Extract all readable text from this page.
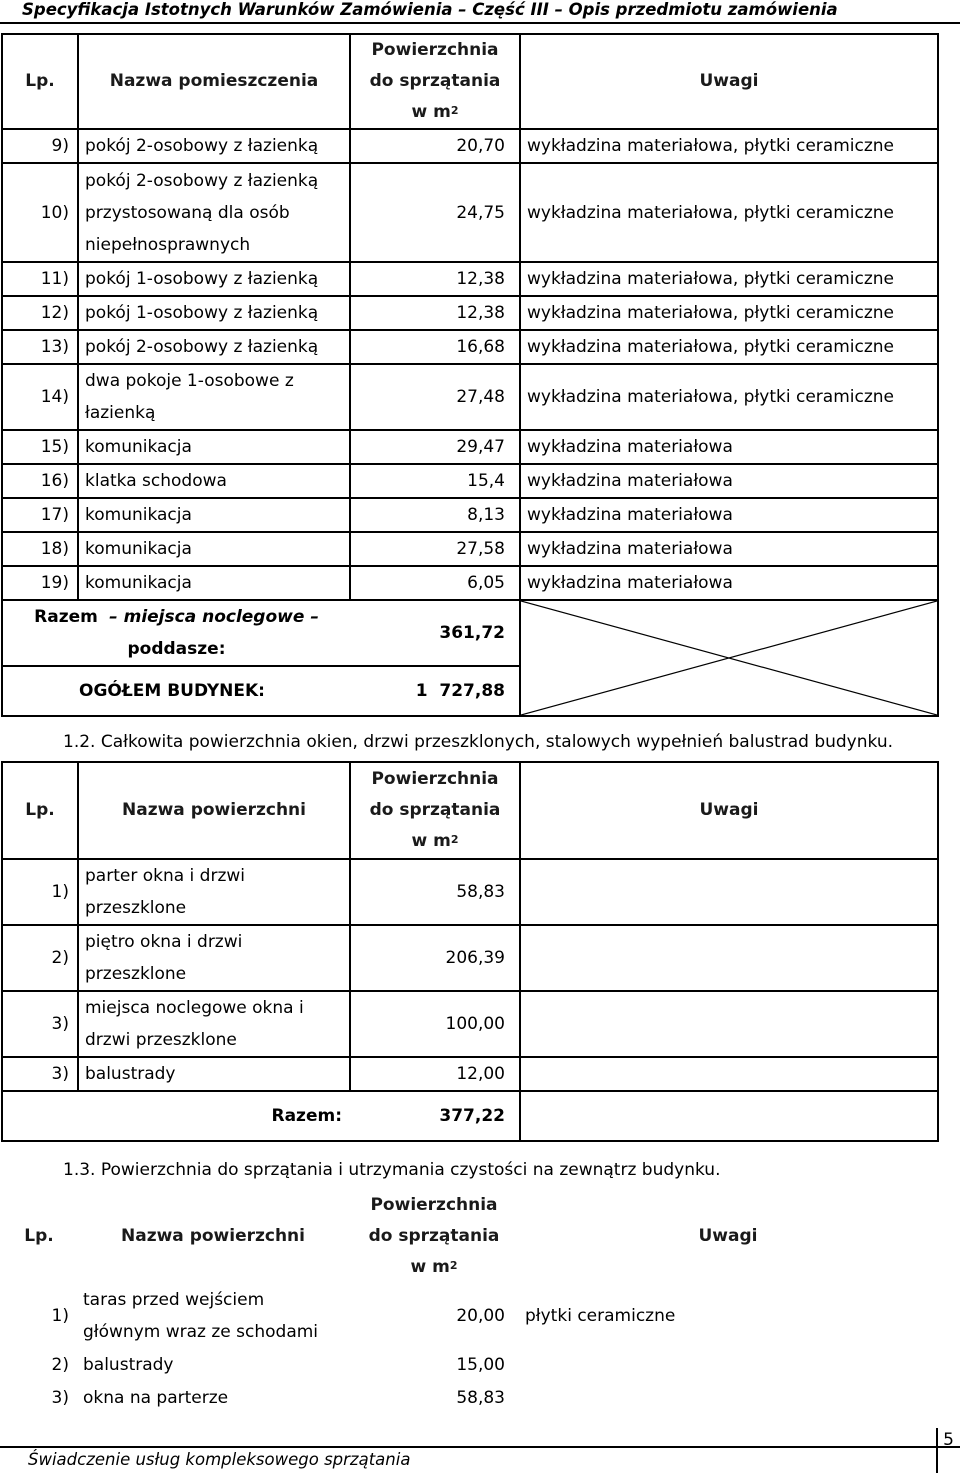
Specyfikacja Istotnych Warunków Zamówienia – Część III – Opis przedmiotu zamówienia
Lp.	Nazwa pomieszczenia	Powierzchnia
do sprzątania
w $m^2$	Uwagi
9)	pokój 2-osobowy z łazienką	20,70	wykładzina materiałowa, płytki ceramiczne
10)	pokój 2-osobowy z łazienką przystosowaną dla osób niepełnosprawnych	24,75	wykładzina materiałowa, płytki ceramiczne
11)	pokój 1-osobowy z łazienką	12,38	wykładzina materiałowa, płytki ceramiczne
12)	pokój 1-osobowy z łazienką	12,38	wykładzina materiałowa, płytki ceramiczne
13)	pokój 2-osobowy z łazienką	16,68	wykładzina materiałowa, płytki ceramiczne
14)	dwa pokoje 1-osobowe z łazienką	27,48	wykładzina materiałowa, płytki ceramiczne
15)	komunikacja	29,47	wykładzina materiałowa
16)	klatka schodowa	15,4	wykładzina materiałowa
17)	komunikacja	8,13	wykładzina materiałowa
18)	komunikacja	27,58	wykładzina materiałowa
19)	komunikacja	6,05	wykładzina materiałowa
Razem  – miejsca noclegowe –
poddasze:		361,72	

OGÓŁEM BUDYNEK:		1  727,88	
1.2. Całkowita powierzchnia okien, drzwi przeszklonych, stalowych wypełnień balustrad budynku.
Lp.	Nazwa powierzchni	Powierzchnia
do sprzątania
w $m^2$	Uwagi
1)	parter okna i drzwi przeszklone	58,83	
2)	piętro okna i drzwi przeszklone	206,39	
3)	miejsca noclegowe okna i drzwi przeszklone	100,00	
3)	balustrady	12,00	
Razem:		377,22	
1.3. Powierzchnia do sprzątania i utrzymania czystości na zewnątrz budynku.
Lp.	Nazwa powierzchni	Powierzchnia
do sprzątania
w $m^2$	Uwagi
1)	taras przed wejściem głównym wraz ze schodami	20,00	płytki ceramiczne
2)	balustrady	15,00	
3)	okna na parterze	58,83	
5
Świadczenie usług kompleksowego sprzątania
